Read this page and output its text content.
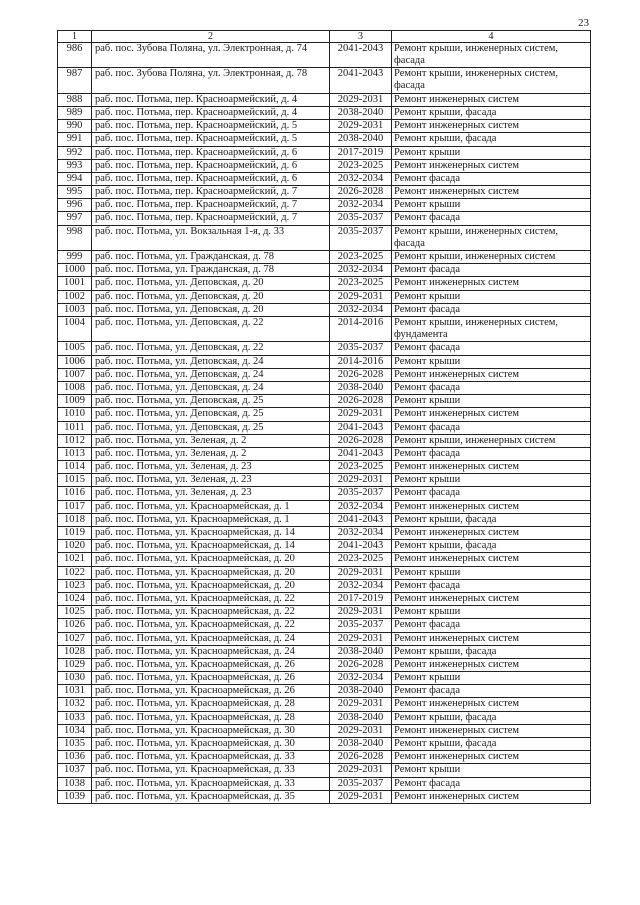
23
1	2	3	4
986	раб. пос. Зубова Поляна, ул. Электронная, д. 74	2041-2043	Ремонт крыши, инженерных систем, фасада
987	раб. пос. Зубова Поляна, ул. Электронная, д. 78	2041-2043	Ремонт крыши, инженерных систем, фасада
988	раб. пос. Потьма, пер. Красноармейский, д. 4	2029-2031	Ремонт инженерных систем
989	раб. пос. Потьма, пер. Красноармейский, д. 4	2038-2040	Ремонт крыши, фасада
990	раб. пос. Потьма, пер. Красноармейский, д. 5	2029-2031	Ремонт инженерных систем
991	раб. пос. Потьма, пер. Красноармейский, д. 5	2038-2040	Ремонт крыши, фасада
992	раб. пос. Потьма, пер. Красноармейский, д. 6	2017-2019	Ремонт крыши
993	раб. пос. Потьма, пер. Красноармейский, д. 6	2023-2025	Ремонт инженерных систем
994	раб. пос. Потьма, пер. Красноармейский, д. 6	2032-2034	Ремонт фасада
995	раб. пос. Потьма, пер. Красноармейский, д. 7	2026-2028	Ремонт инженерных систем
996	раб. пос. Потьма, пер. Красноармейский, д. 7	2032-2034	Ремонт крыши
997	раб. пос. Потьма, пер. Красноармейский, д. 7	2035-2037	Ремонт фасада
998	раб. пос. Потьма, ул. Вокзальная 1-я, д. 33	2035-2037	Ремонт крыши, инженерных систем, фасада
999	раб. пос. Потьма, ул. Гражданская, д. 78	2023-2025	Ремонт крыши, инженерных систем
1000	раб. пос. Потьма, ул. Гражданская, д. 78	2032-2034	Ремонт фасада
1001	раб. пос. Потьма, ул. Деповская, д. 20	2023-2025	Ремонт инженерных систем
1002	раб. пос. Потьма, ул. Деповская, д. 20	2029-2031	Ремонт крыши
1003	раб. пос. Потьма, ул. Деповская, д. 20	2032-2034	Ремонт фасада
1004	раб. пос. Потьма, ул. Деповская, д. 22	2014-2016	Ремонт крыши, инженерных систем, фундамента
1005	раб. пос. Потьма, ул. Деповская, д. 22	2035-2037	Ремонт фасада
1006	раб. пос. Потьма, ул. Деповская, д. 24	2014-2016	Ремонт крыши
1007	раб. пос. Потьма, ул. Деповская, д. 24	2026-2028	Ремонт инженерных систем
1008	раб. пос. Потьма, ул. Деповская, д. 24	2038-2040	Ремонт фасада
1009	раб. пос. Потьма, ул. Деповская, д. 25	2026-2028	Ремонт крыши
1010	раб. пос. Потьма, ул. Деповская, д. 25	2029-2031	Ремонт инженерных систем
1011	раб. пос. Потьма, ул. Деповская, д. 25	2041-2043	Ремонт фасада
1012	раб. пос. Потьма, ул. Зеленая, д. 2	2026-2028	Ремонт крыши, инженерных систем
1013	раб. пос. Потьма, ул. Зеленая, д. 2	2041-2043	Ремонт фасада
1014	раб. пос. Потьма, ул. Зеленая, д. 23	2023-2025	Ремонт инженерных систем
1015	раб. пос. Потьма, ул. Зеленая, д. 23	2029-2031	Ремонт крыши
1016	раб. пос. Потьма, ул. Зеленая, д. 23	2035-2037	Ремонт фасада
1017	раб. пос. Потьма, ул. Красноармейская, д. 1	2032-2034	Ремонт инженерных систем
1018	раб. пос. Потьма, ул. Красноармейская, д. 1	2041-2043	Ремонт крыши, фасада
1019	раб. пос. Потьма, ул. Красноармейская, д. 14	2032-2034	Ремонт инженерных систем
1020	раб. пос. Потьма, ул. Красноармейская, д. 14	2041-2043	Ремонт крыши, фасада
1021	раб. пос. Потьма, ул. Красноармейская, д. 20	2023-2025	Ремонт инженерных систем
1022	раб. пос. Потьма, ул. Красноармейская, д. 20	2029-2031	Ремонт крыши
1023	раб. пос. Потьма, ул. Красноармейская, д. 20	2032-2034	Ремонт фасада
1024	раб. пос. Потьма, ул. Красноармейская, д. 22	2017-2019	Ремонт инженерных систем
1025	раб. пос. Потьма, ул. Красноармейская, д. 22	2029-2031	Ремонт крыши
1026	раб. пос. Потьма, ул. Красноармейская, д. 22	2035-2037	Ремонт фасада
1027	раб. пос. Потьма, ул. Красноармейская, д. 24	2029-2031	Ремонт инженерных систем
1028	раб. пос. Потьма, ул. Красноармейская, д. 24	2038-2040	Ремонт крыши, фасада
1029	раб. пос. Потьма, ул. Красноармейская, д. 26	2026-2028	Ремонт инженерных систем
1030	раб. пос. Потьма, ул. Красноармейская, д. 26	2032-2034	Ремонт крыши
1031	раб. пос. Потьма, ул. Красноармейская, д. 26	2038-2040	Ремонт фасада
1032	раб. пос. Потьма, ул. Красноармейская, д. 28	2029-2031	Ремонт инженерных систем
1033	раб. пос. Потьма, ул. Красноармейская, д. 28	2038-2040	Ремонт крыши, фасада
1034	раб. пос. Потьма, ул. Красноармейская, д. 30	2029-2031	Ремонт инженерных систем
1035	раб. пос. Потьма, ул. Красноармейская, д. 30	2038-2040	Ремонт крыши, фасада
1036	раб. пос. Потьма, ул. Красноармейская, д. 33	2026-2028	Ремонт инженерных систем
1037	раб. пос. Потьма, ул. Красноармейская, д. 33	2029-2031	Ремонт крыши
1038	раб. пос. Потьма, ул. Красноармейская, д. 33	2035-2037	Ремонт фасада
1039	раб. пос. Потьма, ул. Красноармейская, д. 35	2029-2031	Ремонт инженерных систем
